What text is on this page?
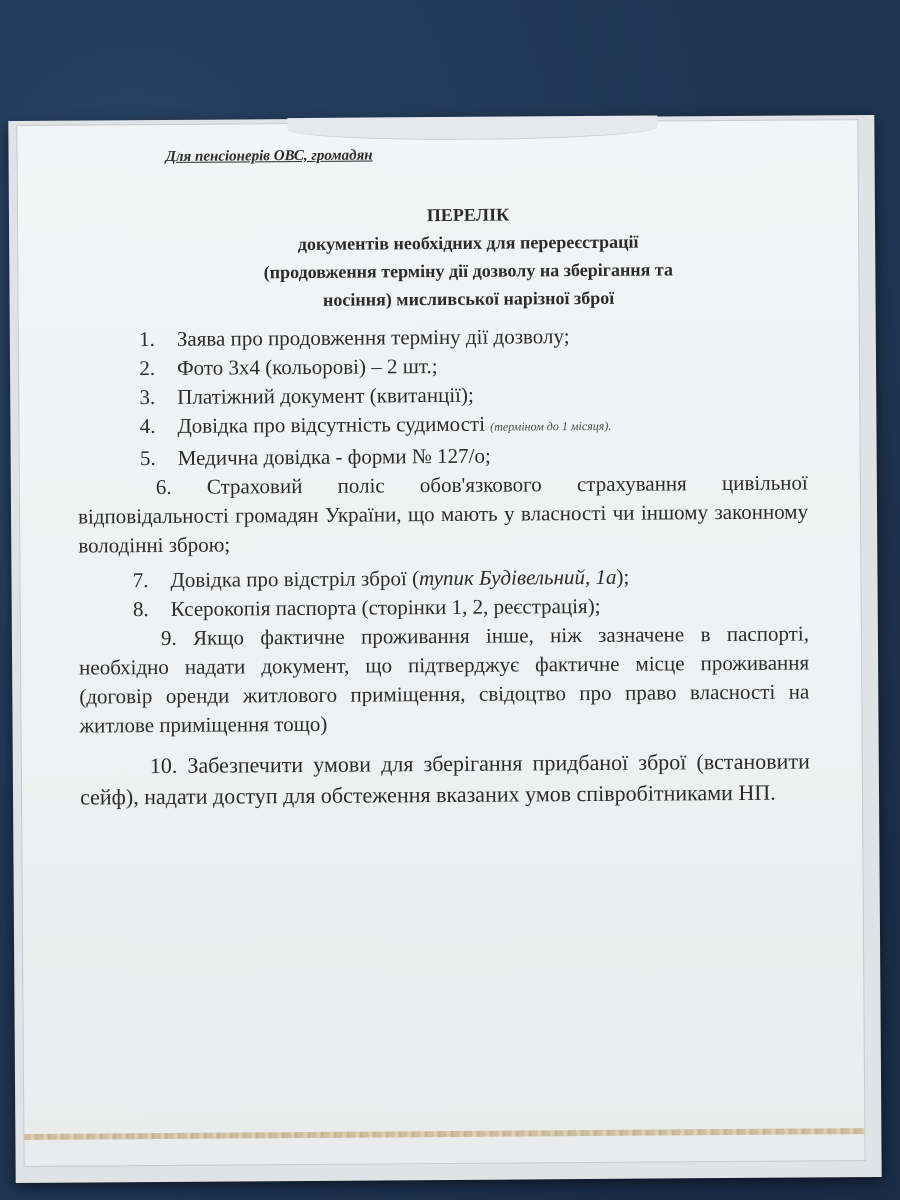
Для пенсіонерів ОВС, громадян
ПЕРЕЛІК
документів необхідних для перереєстрації
(продовження терміну дії дозволу на зберігання та
носіння) мисливської нарізної зброї
1.	Заява про продовження терміну дії дозволу;
2.	Фото 3х4 (кольорові) – 2 шт.;
3.	Платіжний документ (квитанції);
4.	Довідка про відсутність судимості (терміном до 1 місяця).
5.	Медична довідка - форми № 127/о;
6. Страховий поліс обов'язкового страхування цивільної відповідальності громадян України, що мають у власності чи іншому законному володінні зброю;
7.	Довідка про відстріл зброї (тупик Будівельний, 1а);
8.	Ксерокопія паспорта (сторінки 1, 2, реєстрація);
9. Якщо фактичне проживання інше, ніж зазначене в паспорті, необхідно надати документ, що підтверджує фактичне місце проживання (договір оренди житлового приміщення, свідоцтво про право власності на житлове приміщення тощо)
10. Забезпечити умови для зберігання придбаної зброї (встановити сейф), надати доступ для обстеження вказаних умов співробітниками НП.
